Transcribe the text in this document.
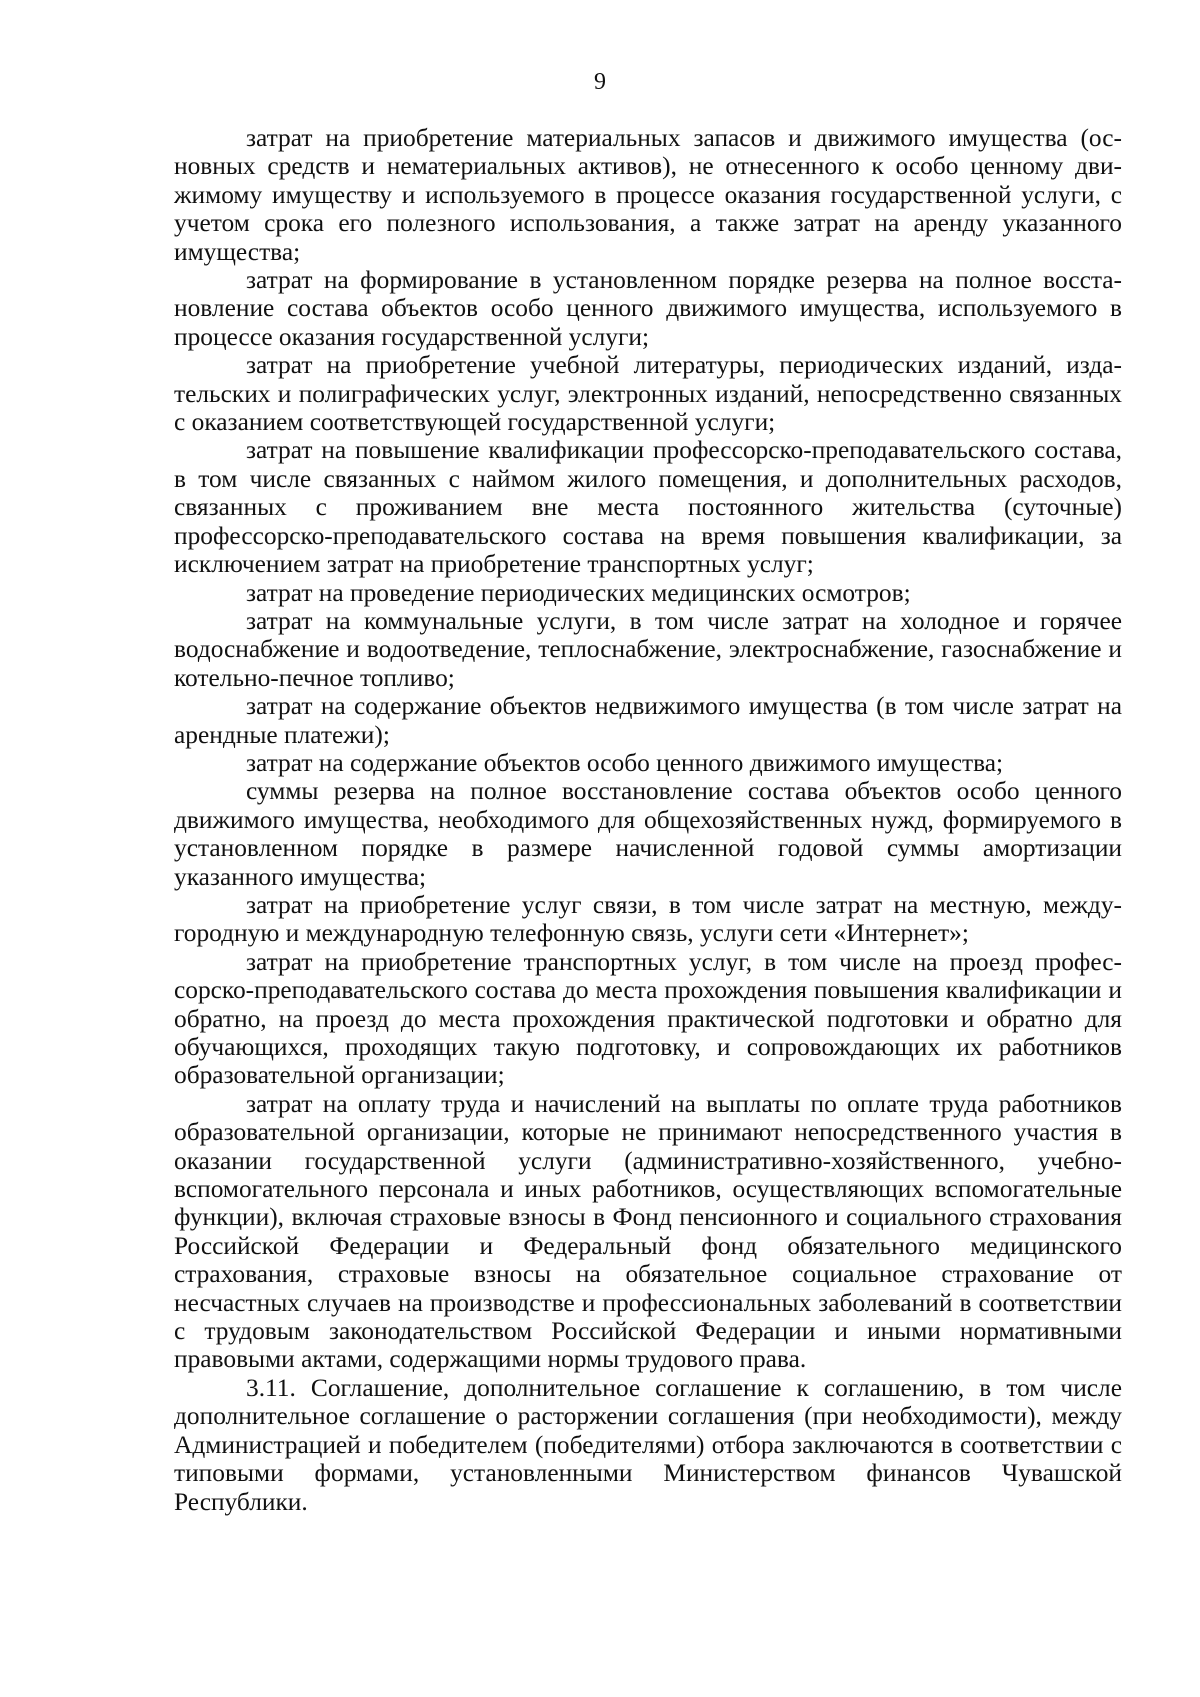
9

затрат на приобретение материальных запасов и движимого имущества (основных средств и нематериальных активов), не отнесенного к особо ценному движимому имуществу и используемого в процессе оказания государственной услуги, с учетом срока его полезного использования, а также затрат на аренду указанного имущества;

затрат на формирование в установленном порядке резерва на полное восстановление состава объектов особо ценного движимого имущества, используемого в процессе оказания государственной услуги;

затрат на приобретение учебной литературы, периодических изданий, издательских и полиграфических услуг, электронных изданий, непосредственно связанных с оказанием соответствующей государственной услуги;

затрат на повышение квалификации профессорско-преподавательского состава, в том числе связанных с наймом жилого помещения, и дополнительных расходов, связанных с проживанием вне места постоянного жительства (суточные) профессорско-преподавательского состава на время повышения квалификации, за исключением затрат на приобретение транспортных услуг;

затрат на проведение периодических медицинских осмотров;

затрат на коммунальные услуги, в том числе затрат на холодное и горячее водоснабжение и водоотведение, теплоснабжение, электроснабжение, газоснабжение и котельно-печное топливо;

затрат на содержание объектов недвижимого имущества (в том числе затрат на арендные платежи);

затрат на содержание объектов особо ценного движимого имущества;

суммы резерва на полное восстановление состава объектов особо ценного движимого имущества, необходимого для общехозяйственных нужд, формируемого в установленном порядке в размере начисленной годовой суммы амортизации указанного имущества;

затрат на приобретение услуг связи, в том числе затрат на местную, междугородную и международную телефонную связь, услуги сети «Интернет»;

затрат на приобретение транспортных услуг, в том числе на проезд профессорско-преподавательского состава до места прохождения повышения квалификации и обратно, на проезд до места прохождения практической подготовки и обратно для обучающихся, проходящих такую подготовку, и сопровождающих их работников образовательной организации;

затрат на оплату труда и начислений на выплаты по оплате труда работников образовательной организации, которые не принимают непосредственного участия в оказании государственной услуги (административно-хозяйственного, учебно-вспомогательного персонала и иных работников, осуществляющих вспомогательные функции), включая страховые взносы в Фонд пенсионного и социального страхования Российской Федерации и Федеральный фонд обязательного медицинского страхования, страховые взносы на обязательное социальное страхование от несчастных случаев на производстве и профессиональных заболеваний в соответствии с трудовым законодательством Российской Федерации и иными нормативными правовыми актами, содержащими нормы трудового права.

3.11. Соглашение, дополнительное соглашение к соглашению, в том числе дополнительное соглашение о расторжении соглашения (при необходимости), между Администрацией и победителем (победителями) отбора заключаются в соответствии с типовыми формами, установленными Министерством финансов Чувашской Республики.
